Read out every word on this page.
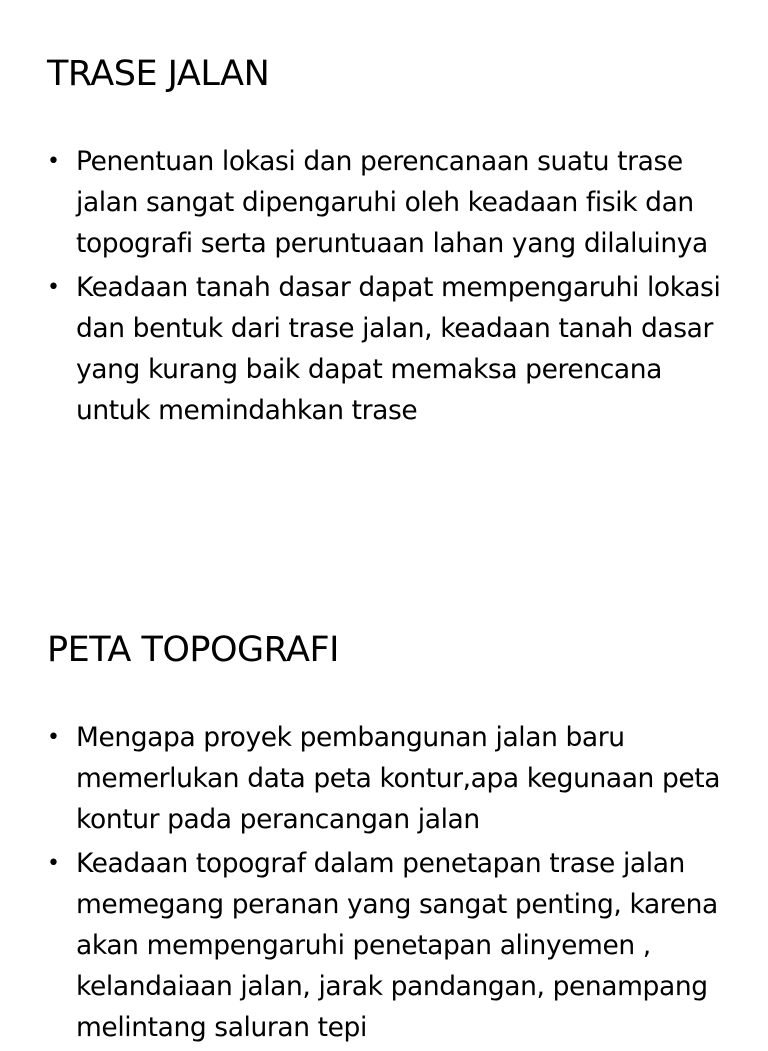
TRASE JALAN
• Penentuan lokasi dan perencanaan suatu trase jalan sangat dipengaruhi oleh keadaan fisik dan topografi serta peruntuaan lahan yang dilaluinya
• Keadaan tanah dasar dapat mempengaruhi lokasi dan bentuk dari trase jalan, keadaan tanah dasar yang kurang baik dapat memaksa perencana untuk memindahkan trase
PETA TOPOGRAFI
• Mengapa proyek pembangunan jalan baru memerlukan data peta kontur,apa kegunaan peta kontur pada perancangan jalan
• Keadaan topograf dalam penetapan trase jalan memegang peranan yang sangat penting, karena akan mempengaruhi penetapan alinyemen , kelandaiaan jalan, jarak pandangan, penampang melintang saluran tepi
